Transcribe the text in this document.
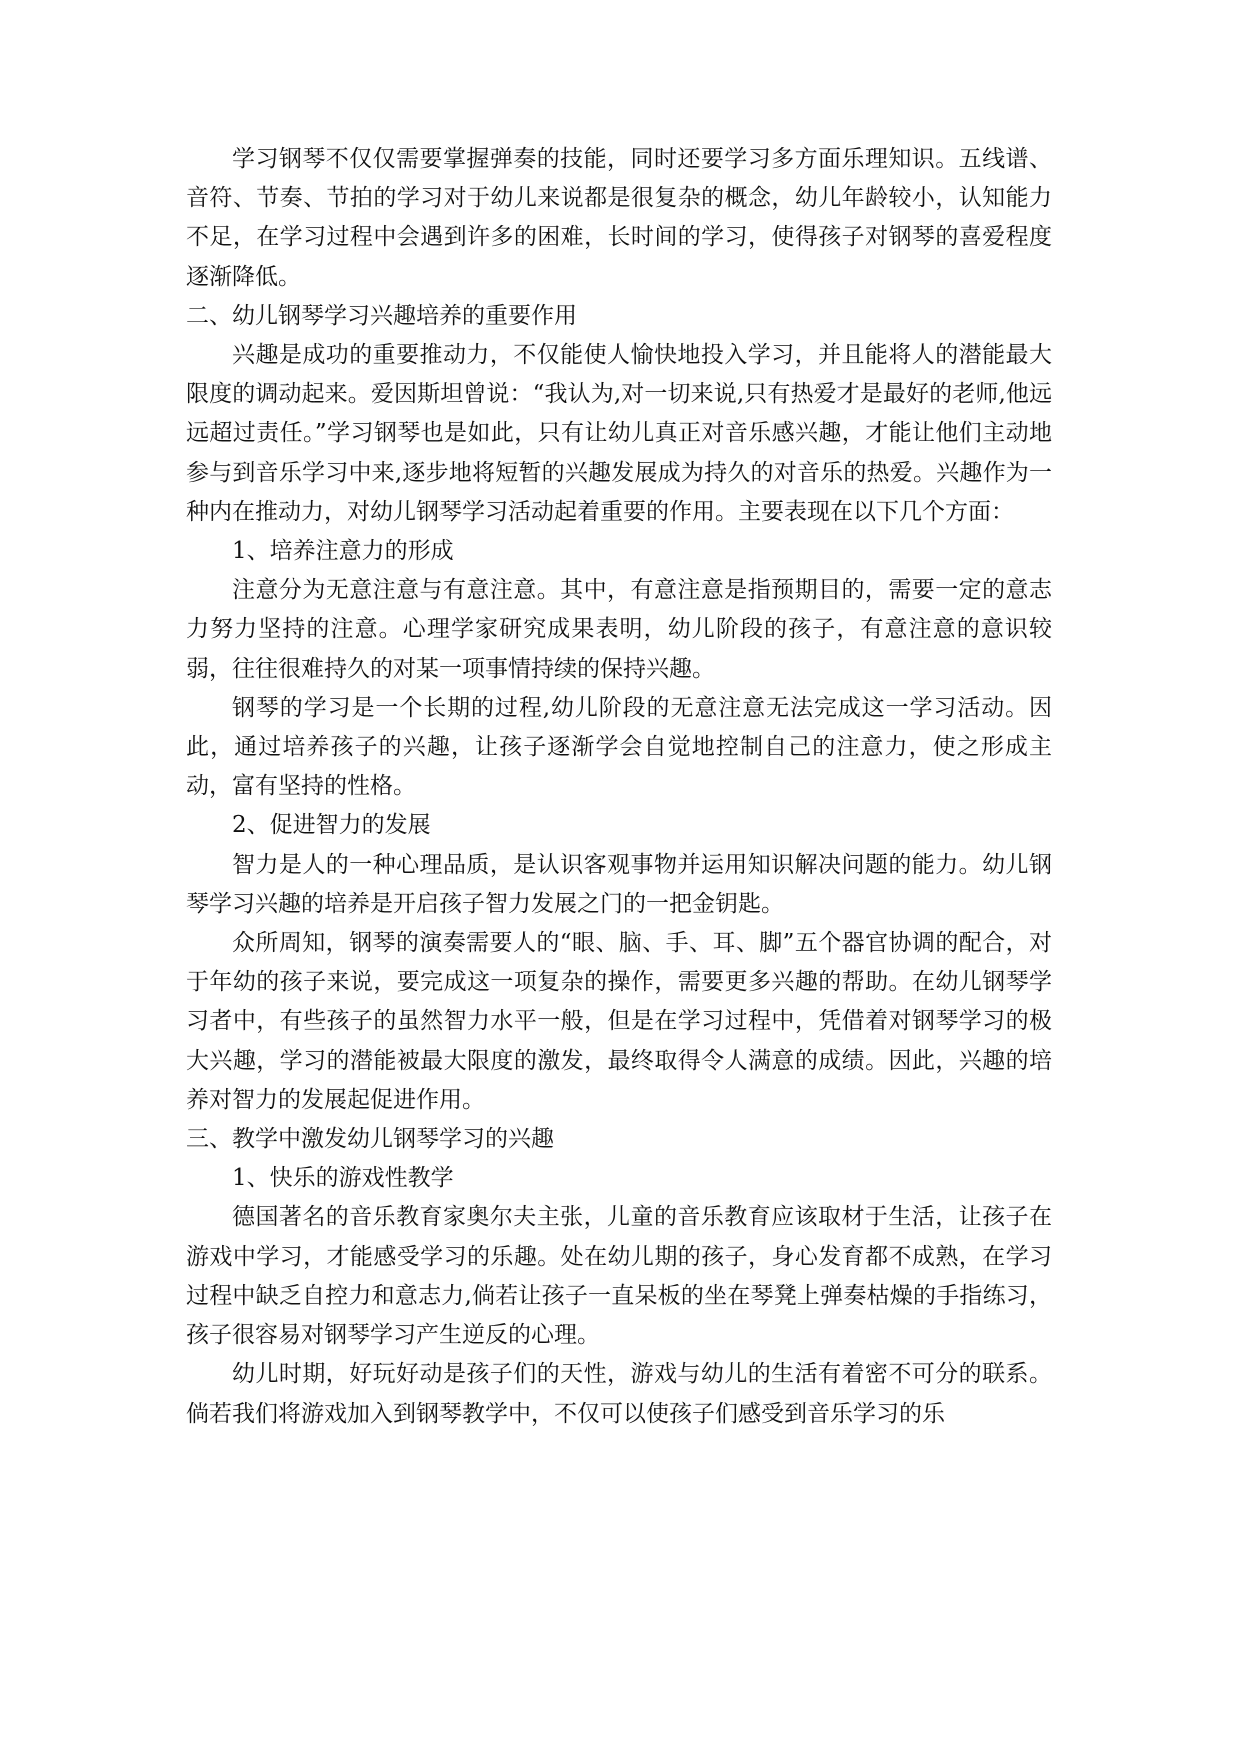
学习钢琴不仅仅需要掌握弹奏的技能，同时还要学习多方面乐理知识。五线谱、音符、节奏、节拍的学习对于幼儿来说都是很复杂的概念，幼儿年龄较小，认知能力不足，在学习过程中会遇到许多的困难，长时间的学习，使得孩子对钢琴的喜爱程度逐渐降低。

二、幼儿钢琴学习兴趣培养的重要作用

兴趣是成功的重要推动力，不仅能使人愉快地投入学习，并且能将人的潜能最大限度的调动起来。爱因斯坦曾说：“我认为,对一切来说,只有热爱才是最好的老师,他远远超过责任。”学习钢琴也是如此，只有让幼儿真正对音乐感兴趣，才能让他们主动地参与到音乐学习中来,逐步地将短暂的兴趣发展成为持久的对音乐的热爱。兴趣作为一种内在推动力，对幼儿钢琴学习活动起着重要的作用。主要表现在以下几个方面：

1、培养注意力的形成

注意分为无意注意与有意注意。其中，有意注意是指预期目的，需要一定的意志力努力坚持的注意。心理学家研究成果表明，幼儿阶段的孩子，有意注意的意识较弱，往往很难持久的对某一项事情持续的保持兴趣。

钢琴的学习是一个长期的过程,幼儿阶段的无意注意无法完成这一学习活动。因此，通过培养孩子的兴趣，让孩子逐渐学会自觉地控制自己的注意力，使之形成主动，富有坚持的性格。

2、促进智力的发展

智力是人的一种心理品质，是认识客观事物并运用知识解决问题的能力。幼儿钢琴学习兴趣的培养是开启孩子智力发展之门的一把金钥匙。

众所周知，钢琴的演奏需要人的“眼、脑、手、耳、脚”五个器官协调的配合，对于年幼的孩子来说，要完成这一项复杂的操作，需要更多兴趣的帮助。在幼儿钢琴学习者中，有些孩子的虽然智力水平一般，但是在学习过程中，凭借着对钢琴学习的极大兴趣，学习的潜能被最大限度的激发，最终取得令人满意的成绩。因此，兴趣的培养对智力的发展起促进作用。

三、教学中激发幼儿钢琴学习的兴趣

1、快乐的游戏性教学

德国著名的音乐教育家奥尔夫主张，儿童的音乐教育应该取材于生活，让孩子在游戏中学习，才能感受学习的乐趣。处在幼儿期的孩子，身心发育都不成熟，在学习过程中缺乏自控力和意志力,倘若让孩子一直呆板的坐在琴凳上弹奏枯燥的手指练习，孩子很容易对钢琴学习产生逆反的心理。

幼儿时期，好玩好动是孩子们的天性，游戏与幼儿的生活有着密不可分的联系。倘若我们将游戏加入到钢琴教学中，不仅可以使孩子们感受到音乐学习的乐
